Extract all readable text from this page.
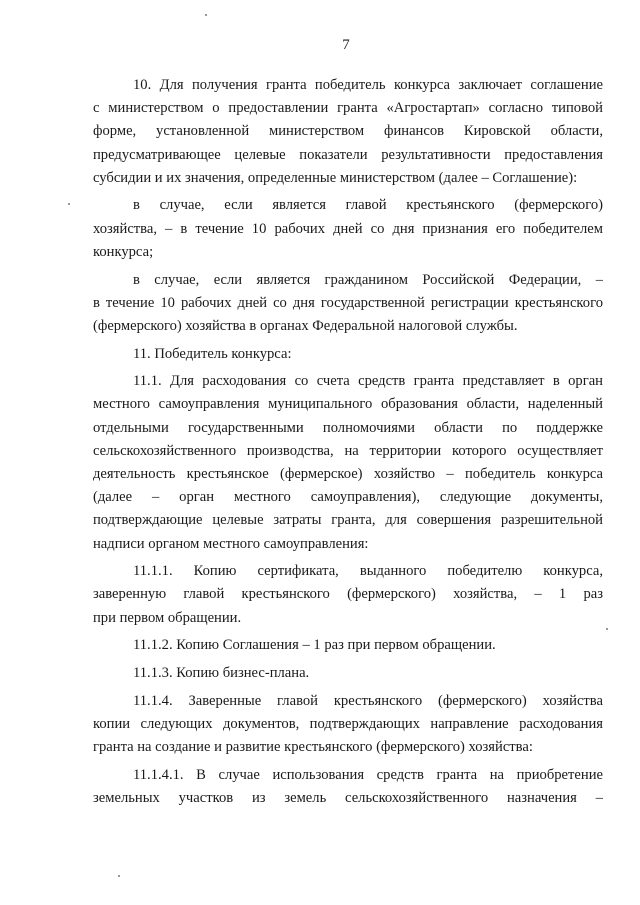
7
10. Для получения гранта победитель конкурса заключает соглашение
с министерством о предоставлении гранта «Агростартап» согласно типовой
форме, установленной министерством финансов Кировской области,
предусматривающее целевые показатели результативности предоставления
субсидии и их значения, определенные министерством (далее – Соглашение):
в случае, если является главой крестьянского (фермерского)
хозяйства, – в течение 10 рабочих дней со дня признания его победителем
конкурса;
в случае, если является гражданином Российской Федерации, –
в течение 10 рабочих дней со дня государственной регистрации крестьянского
(фермерского) хозяйства в органах Федеральной налоговой службы.
11. Победитель конкурса:
11.1. Для расходования со счета средств гранта представляет в орган
местного самоуправления муниципального образования области, наделенный
отдельными государственными полномочиями области по поддержке
сельскохозяйственного производства, на территории которого осуществляет
деятельность крестьянское (фермерское) хозяйство – победитель конкурса
(далее – орган местного самоуправления), следующие документы,
подтверждающие целевые затраты гранта, для совершения разрешительной
надписи органом местного самоуправления:
11.1.1. Копию сертификата, выданного победителю конкурса,
заверенную главой крестьянского (фермерского) хозяйства, – 1 раз
при первом обращении.
11.1.2. Копию Соглашения – 1 раз при первом обращении.
11.1.3. Копию бизнес-плана.
11.1.4. Заверенные главой крестьянского (фермерского) хозяйства
копии следующих документов, подтверждающих направление расходования
гранта на создание и развитие крестьянского (фермерского) хозяйства:
11.1.4.1. В случае использования средств гранта на приобретение
земельных участков из земель сельскохозяйственного назначения –
